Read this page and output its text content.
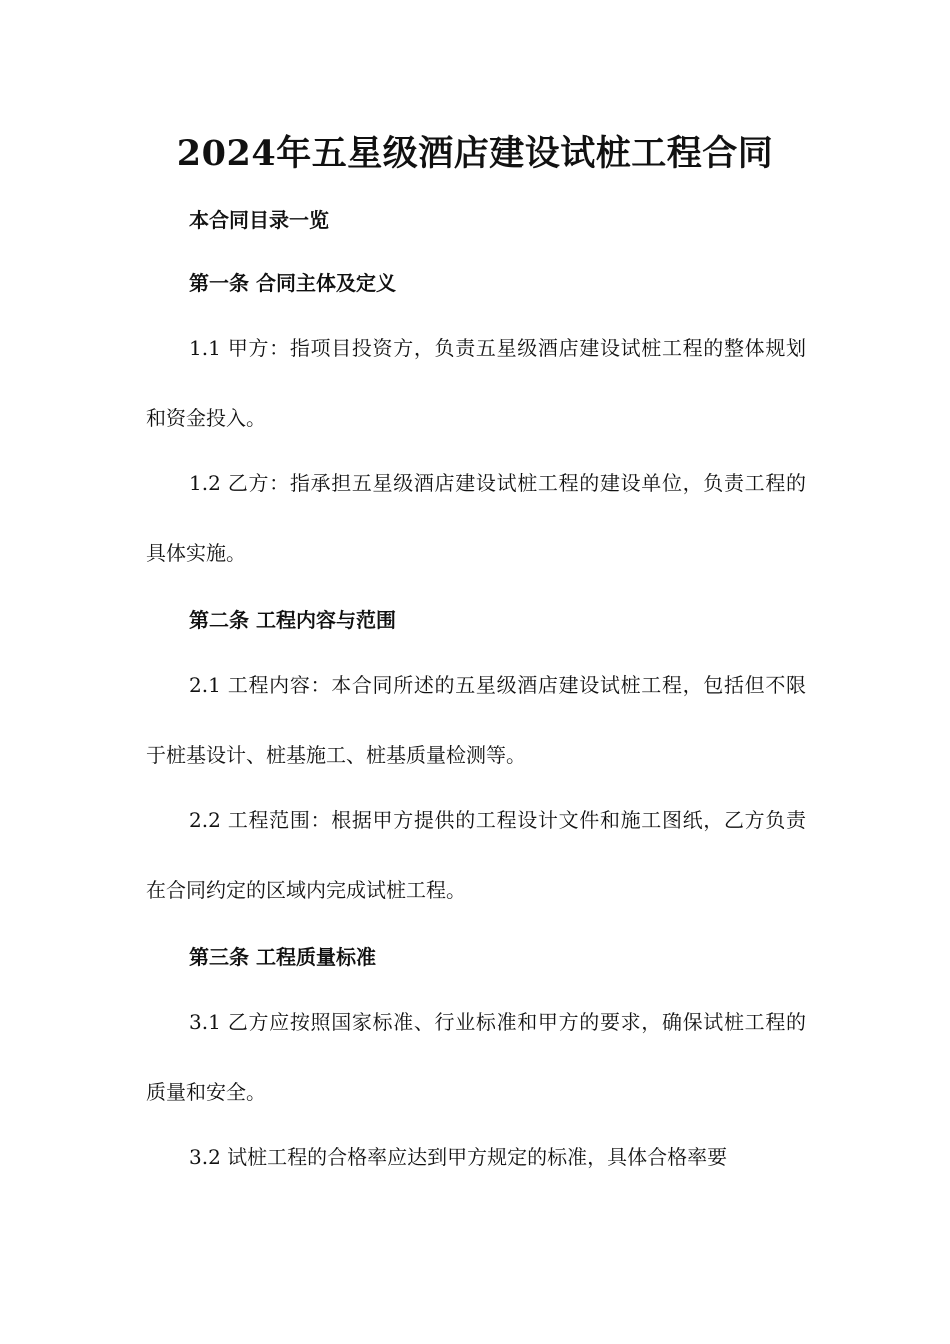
2024年五星级酒店建设试桩工程合同
本合同目录一览
第一条 合同主体及定义
1.1 甲方：指项目投资方，负责五星级酒店建设试桩工程的整体规划和资金投入。
1.2 乙方：指承担五星级酒店建设试桩工程的建设单位，负责工程的具体实施。
第二条 工程内容与范围
2.1 工程内容：本合同所述的五星级酒店建设试桩工程，包括但不限于桩基设计、桩基施工、桩基质量检测等。
2.2 工程范围：根据甲方提供的工程设计文件和施工图纸，乙方负责在合同约定的区域内完成试桩工程。
第三条 工程质量标准
3.1 乙方应按照国家标准、行业标准和甲方的要求，确保试桩工程的质量和安全。
3.2 试桩工程的合格率应达到甲方规定的标准，具体合格率要
